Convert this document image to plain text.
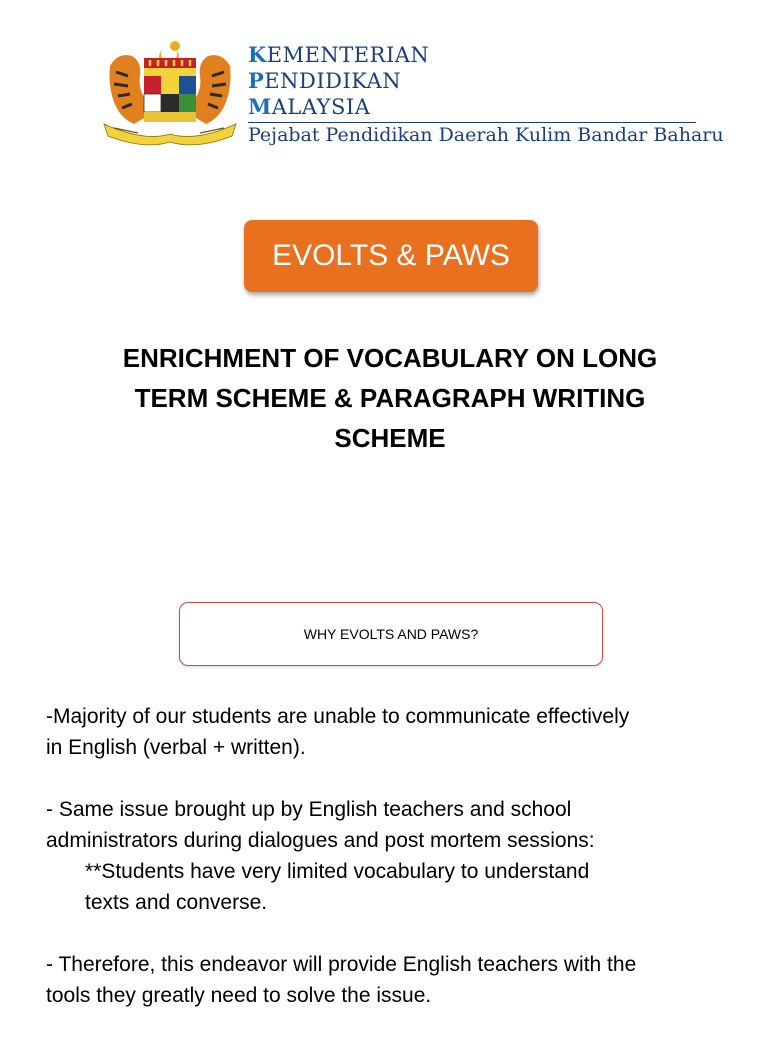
KEMENTERIAN
PENDIDIKAN
MALAYSIA
Pejabat Pendidikan Daerah Kulim Bandar Baharu
EVOLTS & PAWS
ENRICHMENT OF VOCABULARY ON LONG
TERM SCHEME & PARAGRAPH WRITING
SCHEME
WHY EVOLTS AND PAWS?

-Majority of our students are unable to communicate effectively

in English (verbal + written).

- Same issue brought up by English teachers and school

administrators during dialogues and post mortem sessions:

**Students have very limited vocabulary to understand

texts and converse.

- Therefore, this endeavor will provide English teachers with the

tools they greatly need to solve the issue.
